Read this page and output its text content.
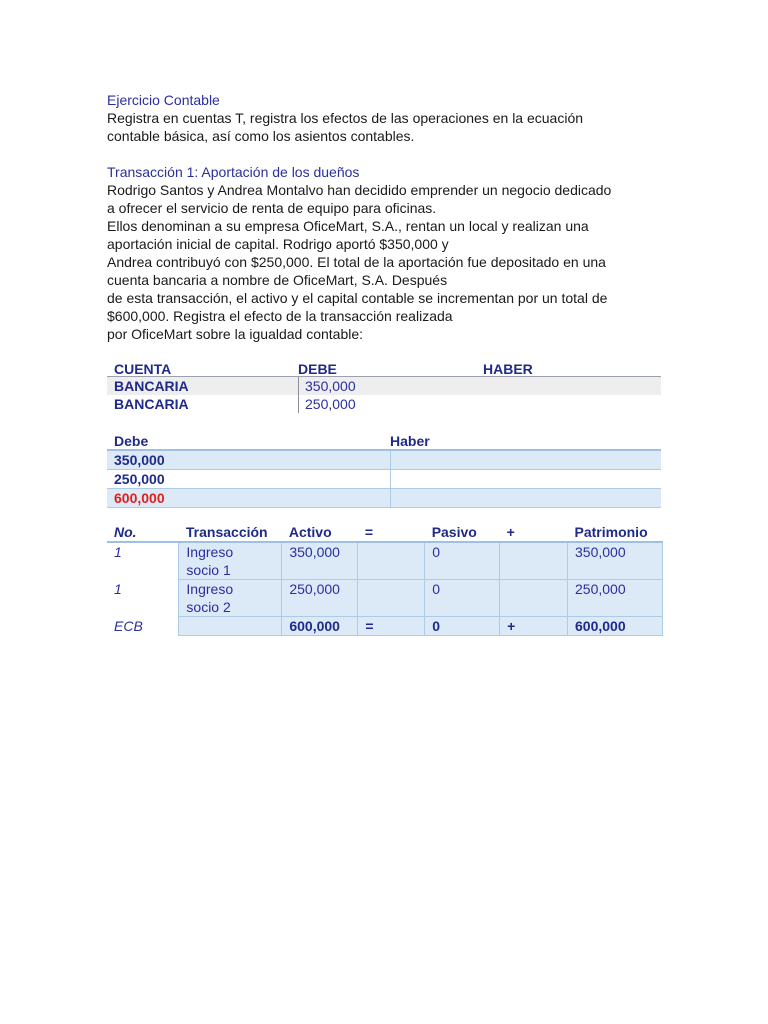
Ejercicio Contable
Registra en cuentas T, registra los efectos de las operaciones en la ecuación
contable básica, así como los asientos contables.
Transacción 1: Aportación de los dueños
Rodrigo Santos y Andrea Montalvo han decidido emprender un negocio dedicado
a ofrecer el servicio de renta de equipo para oficinas.
Ellos denominan a su empresa OficeMart, S.A., rentan un local y realizan una
aportación inicial de capital. Rodrigo aportó $350,000 y
Andrea contribuyó con $250,000. El total de la aportación fue depositado en una
cuenta bancaria a nombre de OficeMart, S.A. Después
de esta transacción, el activo y el capital contable se incrementan por un total de
$600,000. Registra el efecto de la transacción realizada
por OficeMart sobre la igualdad contable:
CUENTA	DEBE	HABER
BANCARIA	350,000
BANCARIA	250,000
Debe	Haber
350,000
250,000
600,000
No.	Transacción	Activo	=	Pasivo	+	Patrimonio
1	Ingreso
socio 1	350,000		0		350,000
1	Ingreso
socio 2	250,000		0		250,000
ECB		600,000	=	0	+	600,000
